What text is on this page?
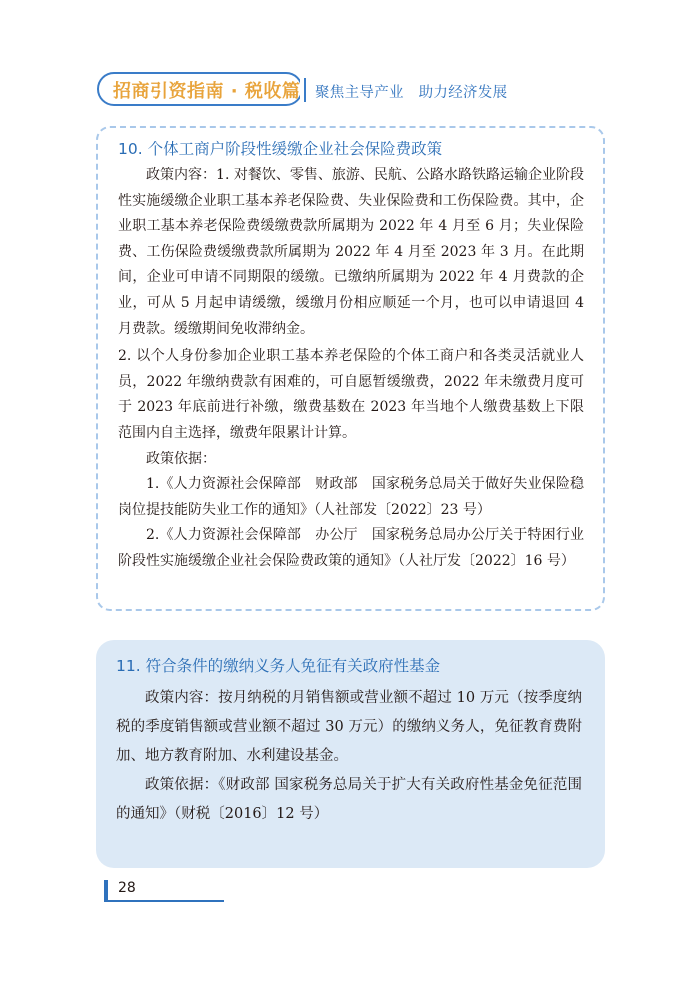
招商引资指南 · 税收篇 聚焦主导产业　助力经济发展
10. 个体工商户阶段性缓缴企业社会保险费政策
政策内容：1. 对餐饮、零售、旅游、民航、公路水路铁路运输企业阶段性实施缓缴企业职工基本养老保险费、失业保险费和工伤保险费。其中，企业职工基本养老保险费缓缴费款所属期为 2022 年 4 月至 6 月；失业保险费、工伤保险费缓缴费款所属期为 2022 年 4 月至 2023 年 3 月。在此期间，企业可申请不同期限的缓缴。已缴纳所属期为 2022 年 4 月费款的企业，可从 5 月起申请缓缴，缓缴月份相应顺延一个月，也可以申请退回 4 月费款。缓缴期间免收滞纳金。
2. 以个人身份参加企业职工基本养老保险的个体工商户和各类灵活就业人员，2022 年缴纳费款有困难的，可自愿暂缓缴费，2022 年未缴费月度可于 2023 年底前进行补缴，缴费基数在 2023 年当地个人缴费基数上下限范围内自主选择，缴费年限累计计算。
政策依据：
1.《人力资源社会保障部　财政部　国家税务总局关于做好失业保险稳岗位提技能防失业工作的通知》（人社部发〔2022〕23 号）
2.《人力资源社会保障部　办公厅　国家税务总局办公厅关于特困行业阶段性实施缓缴企业社会保险费政策的通知》（人社厅发〔2022〕16 号）
11. 符合条件的缴纳义务人免征有关政府性基金
政策内容：按月纳税的月销售额或营业额不超过 10 万元（按季度纳税的季度销售额或营业额不超过 30 万元）的缴纳义务人，免征教育费附加、地方教育附加、水利建设基金。
政策依据：《财政部 国家税务总局关于扩大有关政府性基金免征范围的通知》（财税〔2016〕12 号）
28
